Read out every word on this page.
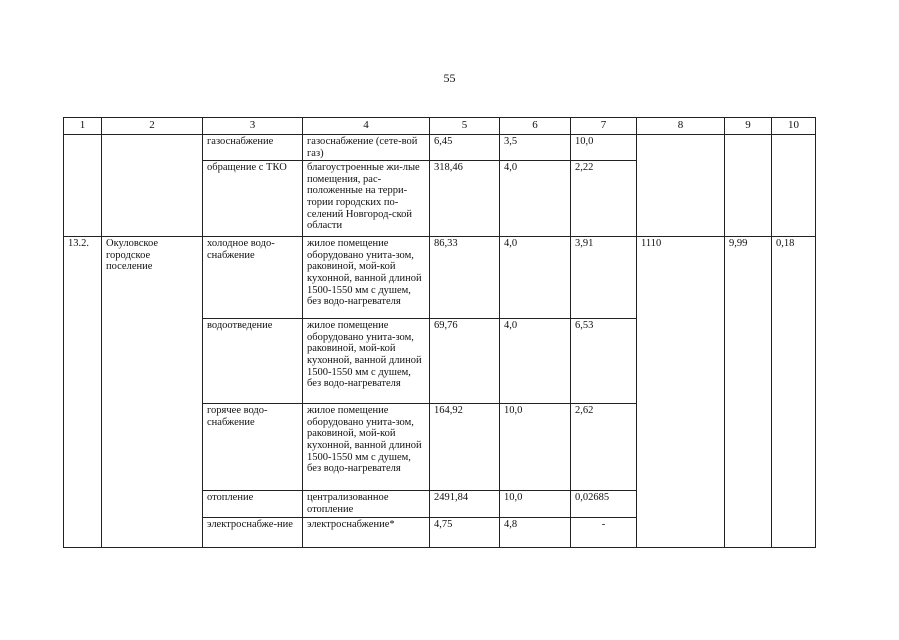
55
1	2	3	4	5	6	7	8	9	10
		газоснабжение	газоснабжение (сете-вой газ)	6,45	3,5	10,0			
		обращение с ТКО	благоустроенные жи-лые помещения, рас-положенные на терри-тории городских по-селений Новгород-ской области	318,46	4,0	2,22			
13.2.	Окуловское городское поселение	холодное водо-снабжение	жилое помещение оборудовано унита-зом, раковиной, мой-кой кухонной, ванной длиной 1500-1550 мм с душем, без водо-нагревателя	86,33	4,0	3,91	1110	9,99	0,18
		водоотведение	жилое помещение оборудовано унита-зом, раковиной, мой-кой кухонной, ванной длиной 1500-1550 мм с душем, без водо-нагревателя	69,76	4,0	6,53			
		горячее водо-снабжение	жилое помещение оборудовано унита-зом, раковиной, мой-кой кухонной, ванной длиной 1500-1550 мм с душем, без водо-нагревателя	164,92	10,0	2,62			
		отопление	централизованное отопление	2491,84	10,0	0,02685			
		электроснабже-ние	электроснабжение*	4,75	4,8	-			
